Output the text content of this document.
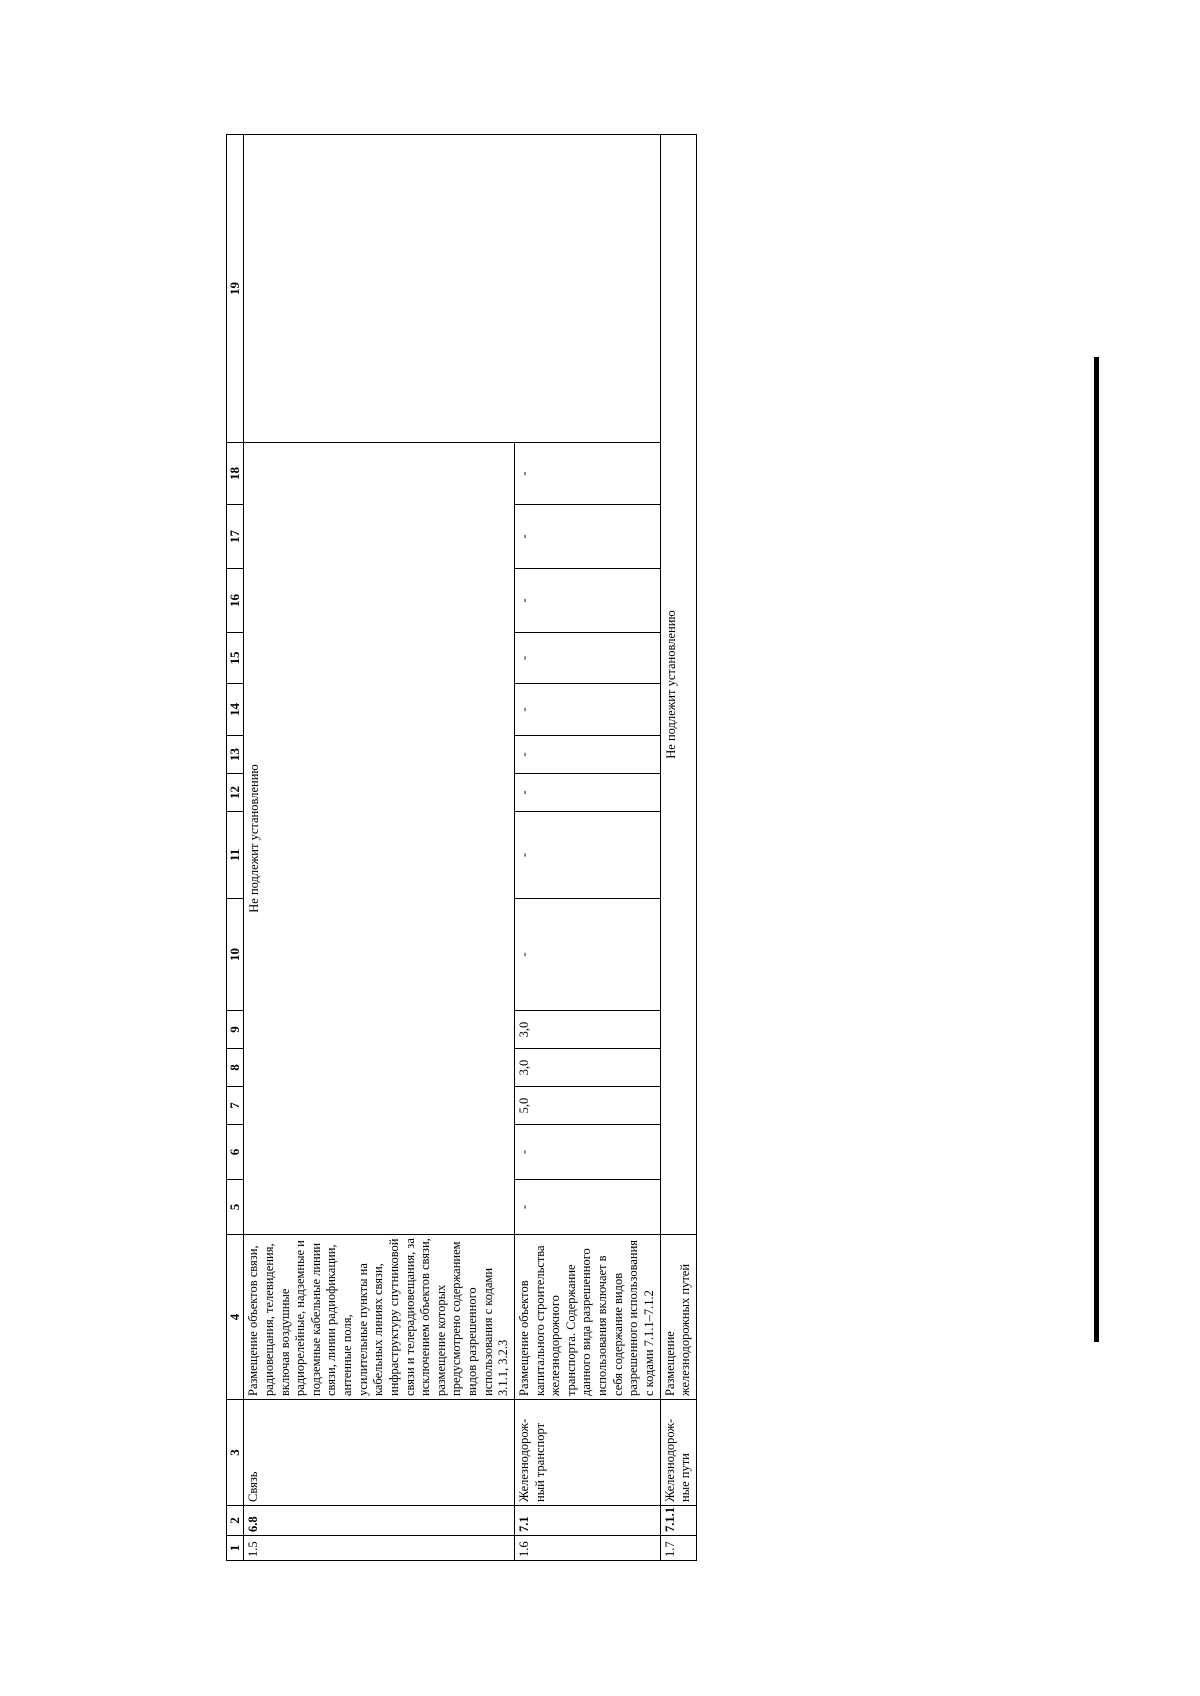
1	2	3	4	5	6	7	8	9	10	11	12	13	14	15	16	17	18	19
1.5	6.8	Связь	Размещение объектов связи, радиовещания, телевидения, включая воздушные радиорелейные, надземные и подземные кабельные линии связи, линии радиофикации, антенные поля, усилительные пункты на кабельных линиях связи, инфраструктуру спутниковой связи и телерадиовещания, за исключением объектов связи, размещение которых предусмотрено содержанием видов разрешенного использования с кодами 3.1.1, 3.2.3	Не подлежит установлению														
1.6	7.1	Железнодорож-ный транспорт	Размещение объектов капитального строительства железнодорожного транспорта. Содержание данного вида разрешенного использования включает в себя содержание видов разрешенного использования с кодами 7.1.1–7.1.2	-	-	5,0	3,0	3,0	-	-	-	-	-	-	-	-	-	
1.7	7.1.1	Железнодорож-ные пути	Размещение железнодорожных путей	Не подлежит установлению														
